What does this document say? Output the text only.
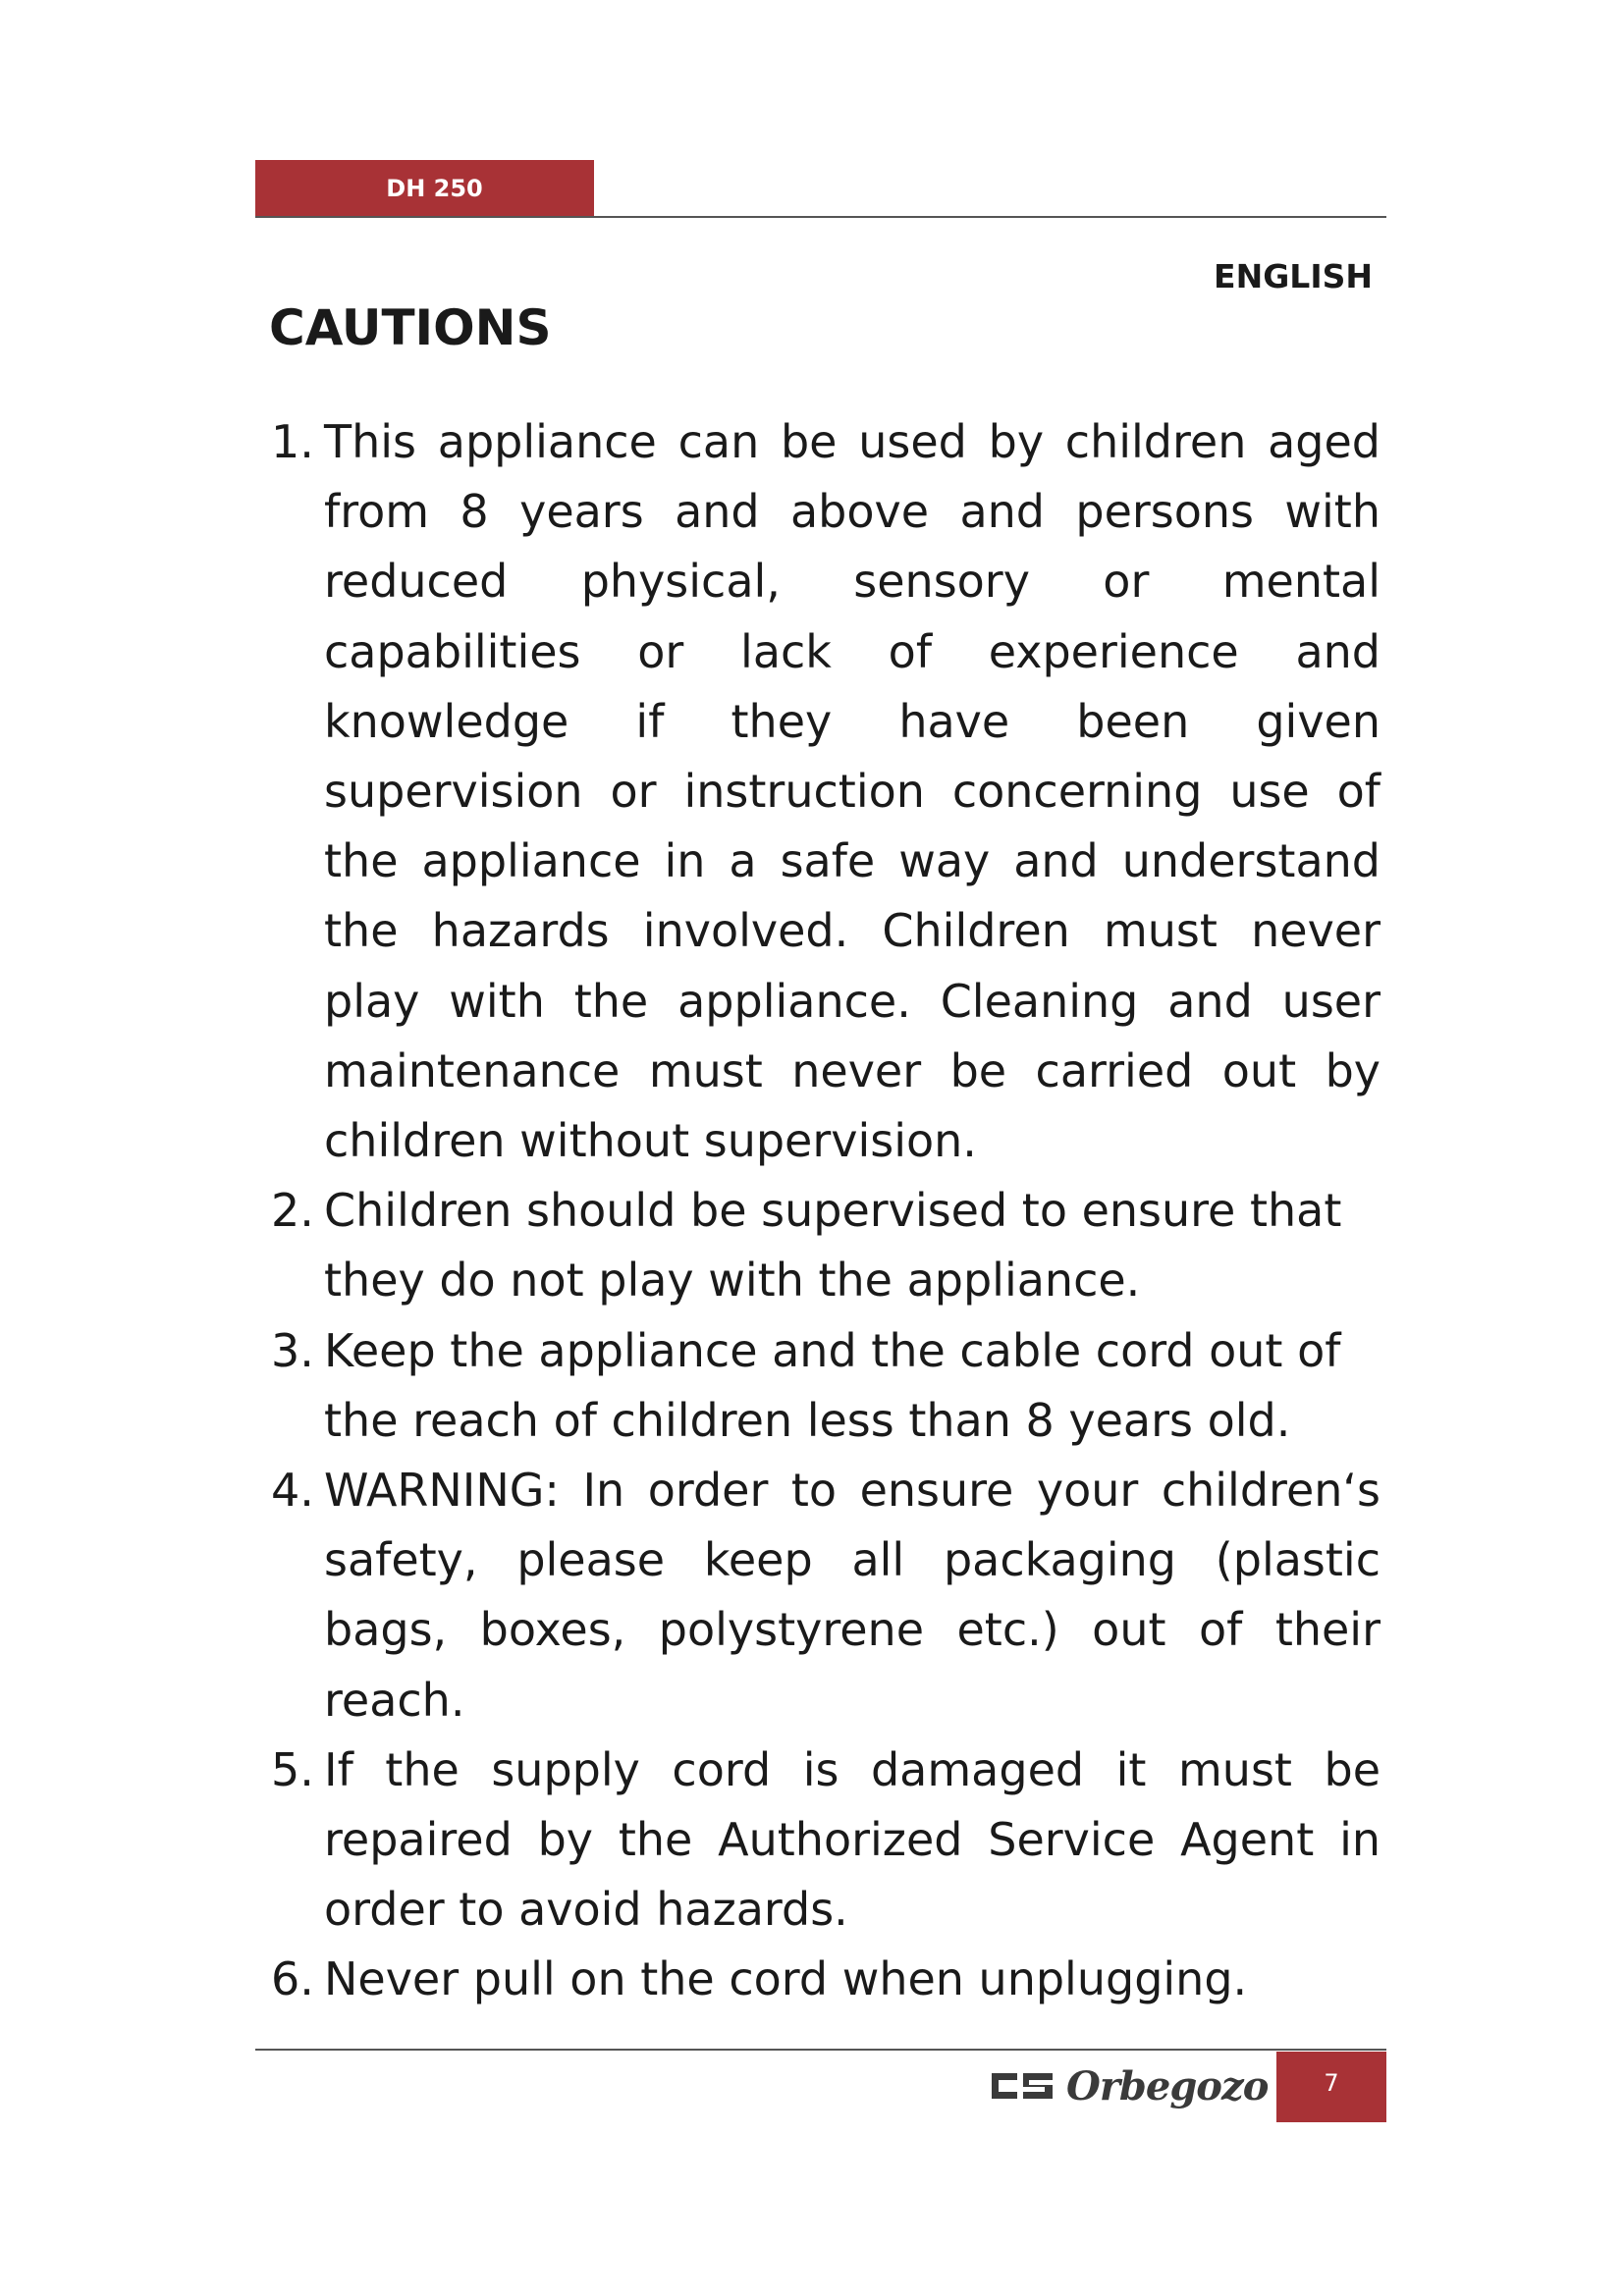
DH 250
ENGLISH
CAUTIONS
1. This appliance can be used by children aged from 8 years and above and persons with reduced physical, sensory or mental capabilities or lack of experience and knowledge if they have been given supervision or instruction concerning use of the appliance in a safe way and understand the hazards involved. Children must never play with the appliance. Cleaning and user maintenance must never be carried out by children without supervision.
2. Children should be supervised to ensure that they do not play with the appliance.
3. Keep the appliance and the cable cord out of the reach of children less than 8 years old.
4. WARNING: In order to ensure your children‘s safety, please keep all packaging (plastic bags, boxes, polystyrene etc.) out of their reach.
5. If the supply cord is damaged it must be repaired by the Authorized Service Agent in order to avoid hazards.
6. Never pull on the cord when unplugging.
Orbegozo	7
